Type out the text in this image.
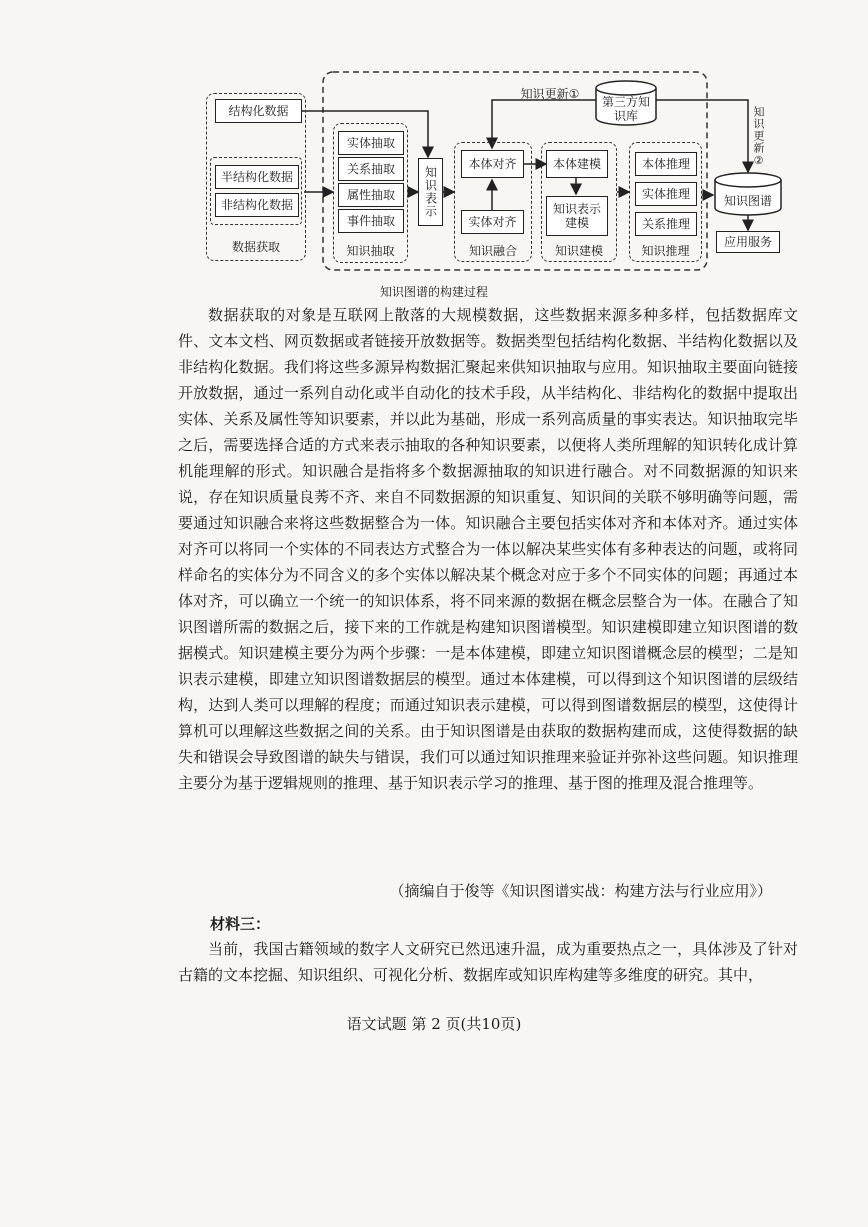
结构化数据
半结构化数据
非结构化数据
数据获取
实体抽取
关系抽取
属性抽取
事件抽取
知识抽取
知识表示
本体对齐
实体对齐
知识融合
本体建模
知识表示建模
知识建模
本体推理
实体推理
关系推理
知识推理
第三方知识库
知识更新①
知识更新②
知识图谱
应用服务
知识图谱的构建过程
数据获取的对象是互联网上散落的大规模数据，这些数据来源多种多样，包括数据库文件、文本文档、网页数据或者链接开放数据等。数据类型包括结构化数据、半结构化数据以及非结构化数据。我们将这些多源异构数据汇聚起来供知识抽取与应用。知识抽取主要面向链接开放数据，通过一系列自动化或半自动化的技术手段，从半结构化、非结构化的数据中提取出实体、关系及属性等知识要素，并以此为基础，形成一系列高质量的事实表达。知识抽取完毕之后，需要选择合适的方式来表示抽取的各种知识要素，以便将人类所理解的知识转化成计算机能理解的形式。知识融合是指将多个数据源抽取的知识进行融合。对不同数据源的知识来说，存在知识质量良莠不齐、来自不同数据源的知识重复、知识间的关联不够明确等问题，需要通过知识融合来将这些数据整合为一体。知识融合主要包括实体对齐和本体对齐。通过实体对齐可以将同一个实体的不同表达方式整合为一体以解决某些实体有多种表达的问题，或将同样命名的实体分为不同含义的多个实体以解决某个概念对应于多个不同实体的问题；再通过本体对齐，可以确立一个统一的知识体系，将不同来源的数据在概念层整合为一体。在融合了知识图谱所需的数据之后，接下来的工作就是构建知识图谱模型。知识建模即建立知识图谱的数据模式。知识建模主要分为两个步骤：一是本体建模，即建立知识图谱概念层的模型；二是知识表示建模，即建立知识图谱数据层的模型。通过本体建模，可以得到这个知识图谱的层级结构，达到人类可以理解的程度；而通过知识表示建模，可以得到图谱数据层的模型，这使得计算机可以理解这些数据之间的关系。由于知识图谱是由获取的数据构建而成，这使得数据的缺失和错误会导致图谱的缺失与错误，我们可以通过知识推理来验证并弥补这些问题。知识推理主要分为基于逻辑规则的推理、基于知识表示学习的推理、基于图的推理及混合推理等。
（摘编自于俊等《知识图谱实战：构建方法与行业应用》）
材料三：
当前，我国古籍领域的数字人文研究已然迅速升温，成为重要热点之一，具体涉及了针对古籍的文本挖掘、知识组织、可视化分析、数据库或知识库构建等多维度的研究。其中，
语文试题 第 2 页(共10页)
